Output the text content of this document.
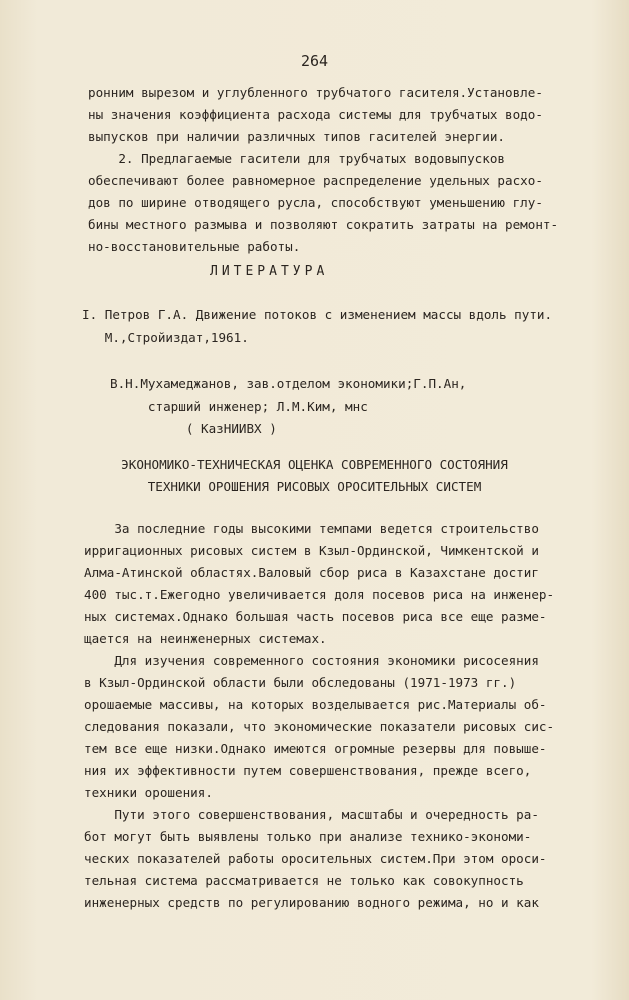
264
ронним вырезом и углубленного трубчатого гасителя.Установле-
ны значения коэффициента расхода системы для трубчатых водо-
выпусков при наличии различных типов гасителей энергии.
2. Предлагаемые гасители для трубчатых водовыпусков
обеспечивают более равномерное распределение удельных расхо-
дов по ширине отводящего русла, способствуют уменьшению глу-
бины местного размыва и позволяют сократить затраты на ремонт-
но-восстановительные работы.
ЛИТЕРАТУРА
I. Петров Г.А. Движение потоков с изменением массы вдоль пути.
М.,Стройиздат,1961.
В.Н.Мухамеджанов, зав.отделом экономики;Г.П.Ан,
старший инженер; Л.М.Ким, мнс
( КазНИИВХ )
ЭКОНОМИКО-ТЕХНИЧЕСКАЯ ОЦЕНКА СОВРЕМЕННОГО СОСТОЯНИЯ
ТЕХНИКИ ОРОШЕНИЯ РИСОВЫХ ОРОСИТЕЛЬНЫХ СИСТЕМ
За последние годы высокими темпами ведется строительство
ирригационных рисовых систем в Кзыл-Ординской, Чимкентской и
Алма-Атинской областях.Валовый сбор риса в Казахстане достиг
400 тыс.т.Ежегодно увеличивается доля посевов риса на инженер-
ных системах.Однако большая часть посевов риса все еще разме-
щается на неинженерных системах.
Для изучения современного состояния экономики рисосеяния
в Кзыл-Ординской области были обследованы (1971-1973 гг.)
орошаемые массивы, на которых возделывается рис.Материалы об-
следования показали, что экономические показатели рисовых сис-
тем все еще низки.Однако имеются огромные резервы для повыше-
ния их эффективности путем совершенствования, прежде всего,
техники орошения.
Пути этого совершенствования, масштабы и очередность ра-
бот могут быть выявлены только при анализе технико-экономи-
ческих показателей работы оросительных систем.При этом ороси-
тельная система рассматривается не только как совокупность
инженерных средств по регулированию водного режима, но и как
